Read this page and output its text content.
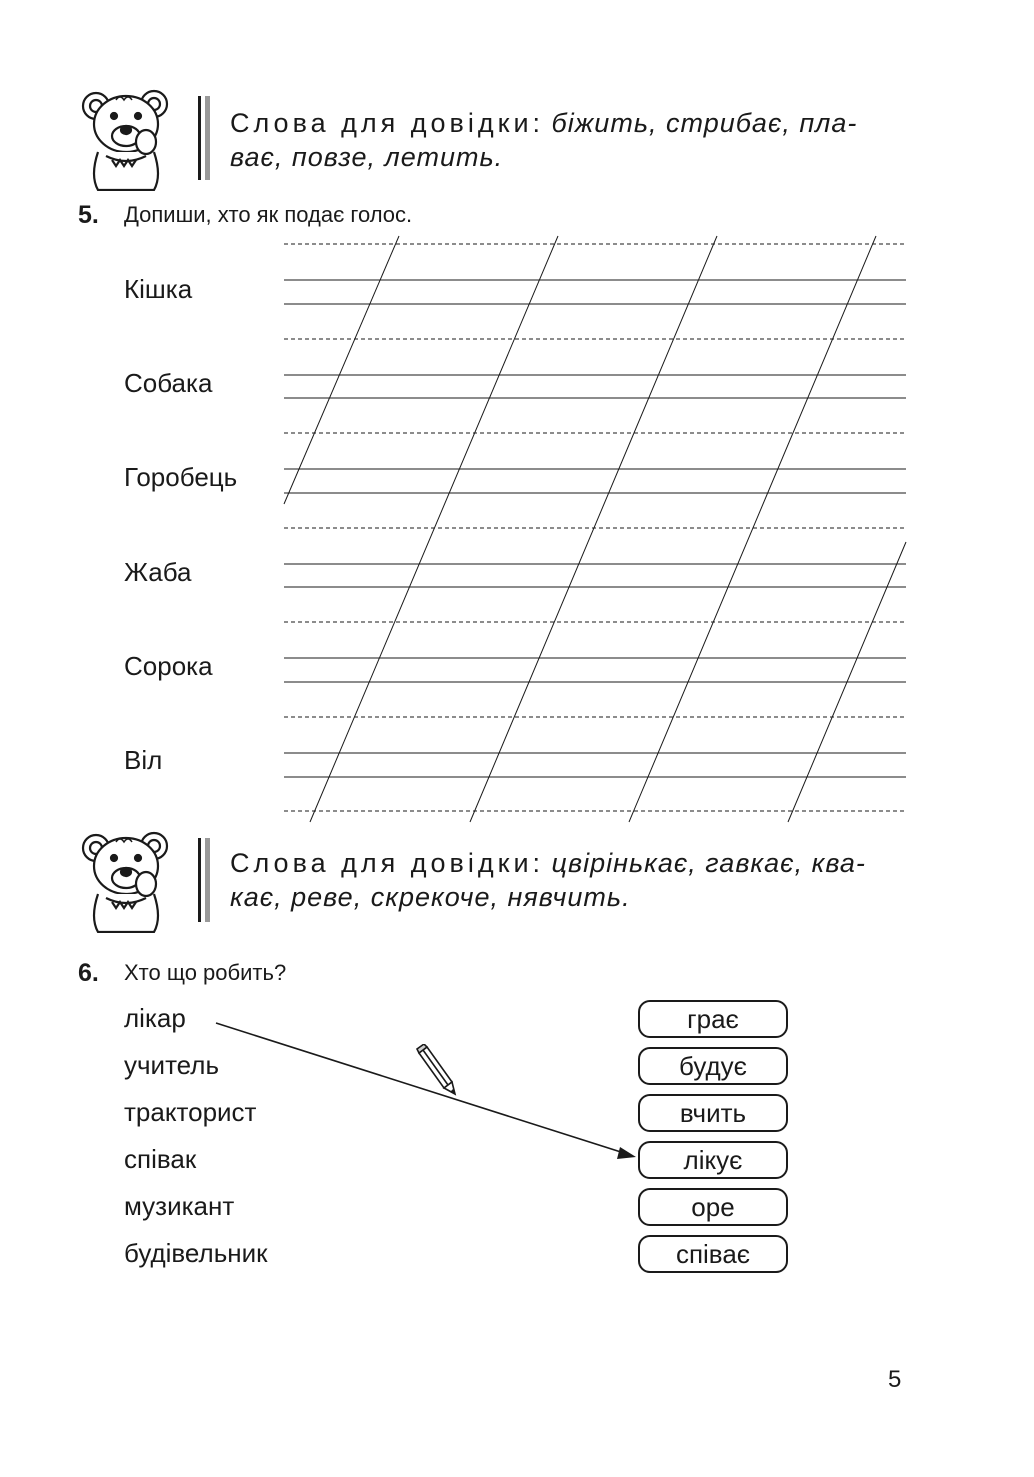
Слова для довідки: біжить, стрибає, пла-
ває, повзе, летить.
5. Допиши, хто як подає голос.
Кішка
Собака
Горобець
Жаба
Сорока
Віл
Слова для довідки: цвірінькає, гавкає, ква-
кає, реве, скрекоче, нявчить.
6. Хто що робить?
лікар
учитель
тракторист
співак
музикант
будівельник
грає
будує
вчить
лікує
оре
співає
5
